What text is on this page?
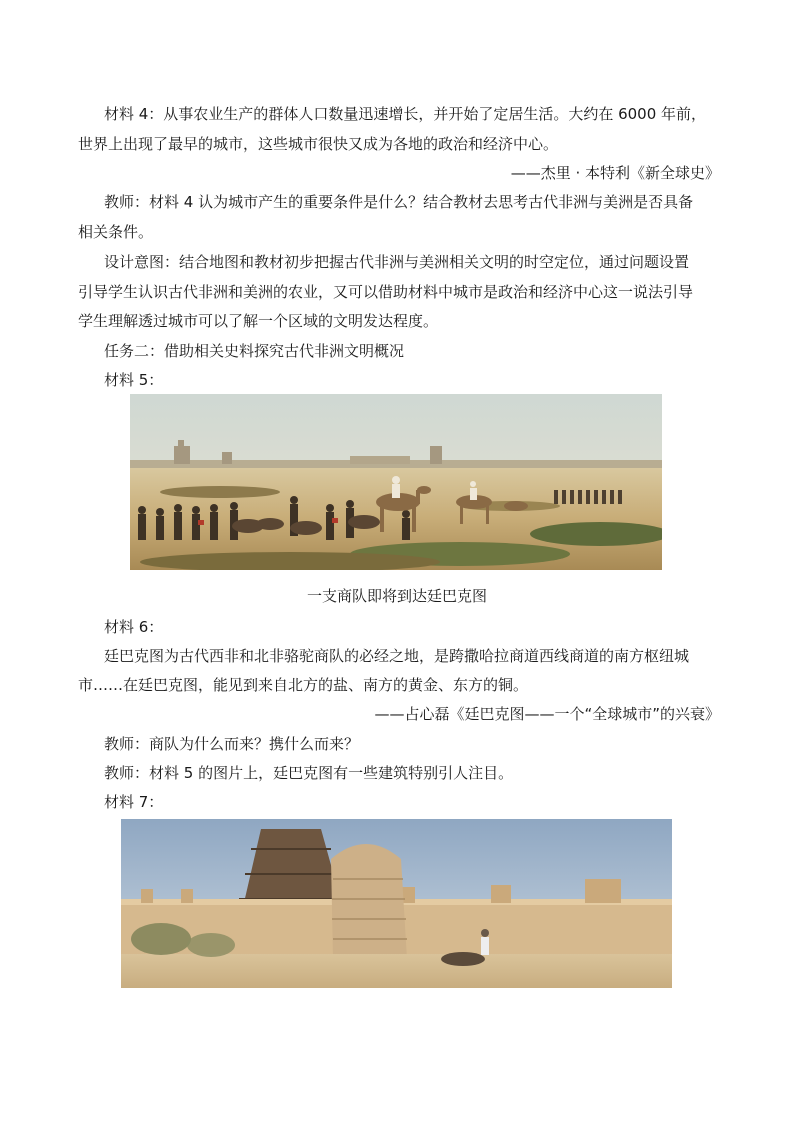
材料 4：从事农业生产的群体人口数量迅速增长，并开始了定居生活。大约在 6000 年前，

世界上出现了最早的城市，这些城市很快又成为各地的政治和经济中心。

——杰里 · 本特利《新全球史》

教师：材料 4 认为城市产生的重要条件是什么？结合教材去思考古代非洲与美洲是否具备

相关条件。

设计意图：结合地图和教材初步把握古代非洲与美洲相关文明的时空定位，通过问题设置

引导学生认识古代非洲和美洲的农业，又可以借助材料中城市是政治和经济中心这一说法引导

学生理解透过城市可以了解一个区域的文明发达程度。

任务二：借助相关史料探究古代非洲文明概况

材料 5：

一支商队即将到达廷巴克图

材料 6：

廷巴克图为古代西非和北非骆驼商队的必经之地，是跨撒哈拉商道西线商道的南方枢纽城

市……在廷巴克图，能见到来自北方的盐、南方的黄金、东方的铜。

——占心磊《廷巴克图——一个“全球城市”的兴衰》

教师：商队为什么而来？携什么而来？

教师：材料 5 的图片上，廷巴克图有一些建筑特别引人注目。

材料 7：
